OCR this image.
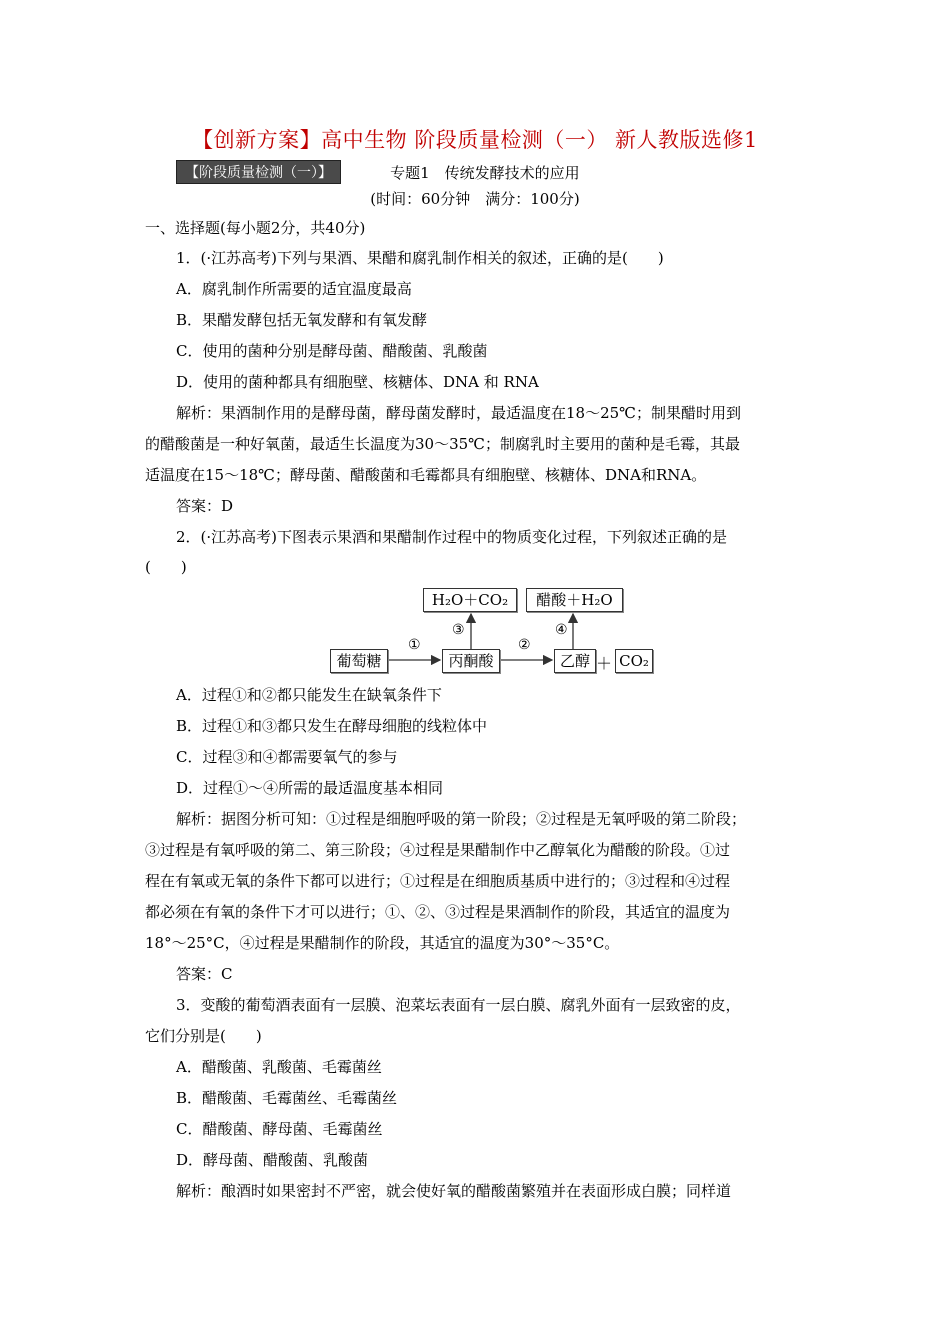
【创新方案】高中生物 阶段质量检测（一） 新人教版选修1
【阶段质量检测（一）】	专题1　传统发酵技术的应用
(时间：60分钟　满分：100分)
一、选择题(每小题2分，共40分)
1．(·江苏高考)下列与果酒、果醋和腐乳制作相关的叙述，正确的是(　　)
A．腐乳制作所需要的适宜温度最高
B．果醋发酵包括无氧发酵和有氧发酵
C．使用的菌种分别是酵母菌、醋酸菌、乳酸菌
D．使用的菌种都具有细胞壁、核糖体、DNA 和 RNA
解析：果酒制作用的是酵母菌，酵母菌发酵时，最适温度在18～25℃；制果醋时用到
的醋酸菌是一种好氧菌，最适生长温度为30～35℃；制腐乳时主要用的菌种是毛霉，其最
适温度在15～18℃；酵母菌、醋酸菌和毛霉都具有细胞壁、核糖体、DNA和RNA。
答案：D
2．(·江苏高考)下图表示果酒和果醋制作过程中的物质变化过程，下列叙述正确的是
(　　)
H₂O＋CO₂	醋酸＋H₂O
①	②
③	④
葡萄糖	丙酮酸	乙醇 ＋ CO₂
A．过程①和②都只能发生在缺氧条件下
B．过程①和③都只发生在酵母细胞的线粒体中
C．过程③和④都需要氧气的参与
D．过程①～④所需的最适温度基本相同
解析：据图分析可知：①过程是细胞呼吸的第一阶段；②过程是无氧呼吸的第二阶段；
③过程是有氧呼吸的第二、第三阶段；④过程是果醋制作中乙醇氧化为醋酸的阶段。①过
程在有氧或无氧的条件下都可以进行；①过程是在细胞质基质中进行的；③过程和④过程
都必须在有氧的条件下才可以进行；①、②、③过程是果酒制作的阶段，其适宜的温度为
18°～25°C，④过程是果醋制作的阶段，其适宜的温度为30°～35°C。
答案：C
3．变酸的葡萄酒表面有一层膜、泡菜坛表面有一层白膜、腐乳外面有一层致密的皮，
它们分别是(　　)
A．醋酸菌、乳酸菌、毛霉菌丝
B．醋酸菌、毛霉菌丝、毛霉菌丝
C．醋酸菌、酵母菌、毛霉菌丝
D．酵母菌、醋酸菌、乳酸菌
解析：酿酒时如果密封不严密，就会使好氧的醋酸菌繁殖并在表面形成白膜；同样道
